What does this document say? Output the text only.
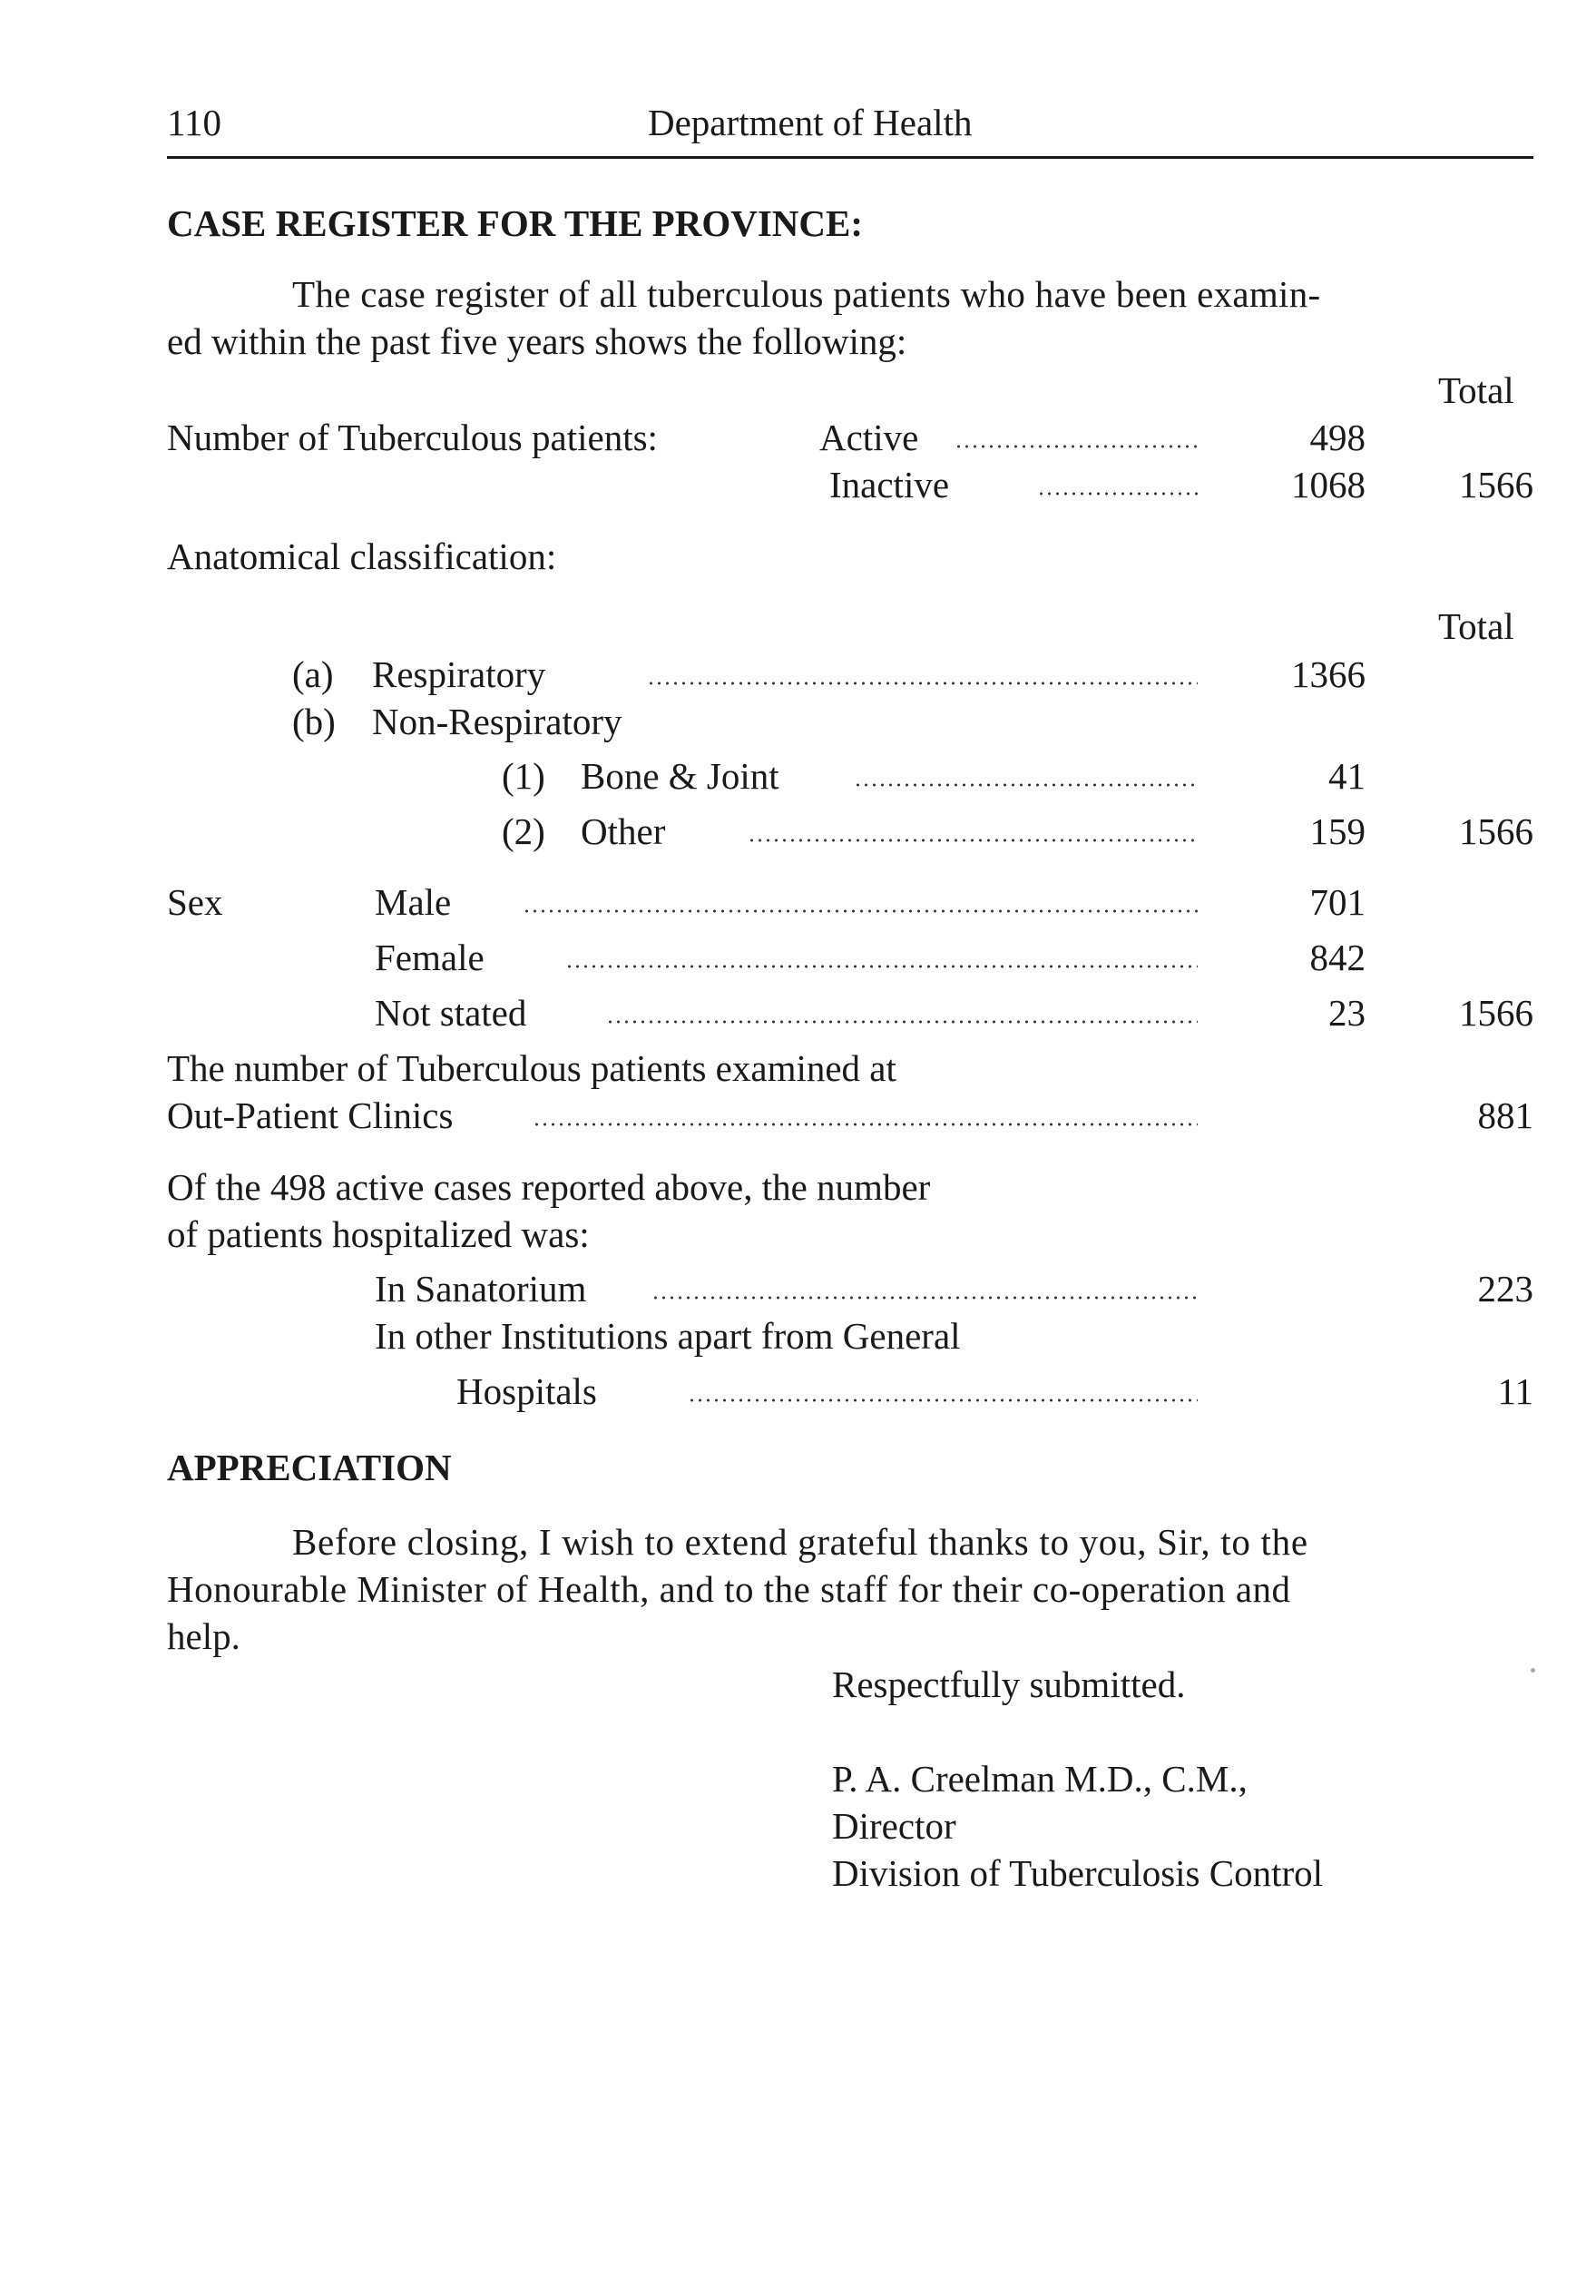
110	Department of Health
CASE REGISTER FOR THE PROVINCE:
The case register of all tuberculous patients who have been examin-
ed within the past five years shows the following:
Total
Number of Tuberculous patients:	Active	498
Inactive	1068	1566
Anatomical classification:
Total
(a) Respiratory	1366
(b) Non-Respiratory
(1) Bone & Joint	41
(2) Other	159	1566
Sex	Male	701
Female	842
Not stated	23	1566
The number of Tuberculous patients examined at
Out-Patient Clinics	881
Of the 498 active cases reported above, the number
of patients hospitalized was:
In Sanatorium	223
In other Institutions apart from General
Hospitals	11
APPRECIATION
Before closing, I wish to extend grateful thanks to you, Sir, to the
Honourable Minister of Health, and to the staff for their co-operation and
help.
Respectfully submitted.
P. A. Creelman M.D., C.M.,
Director
Division of Tuberculosis Control
